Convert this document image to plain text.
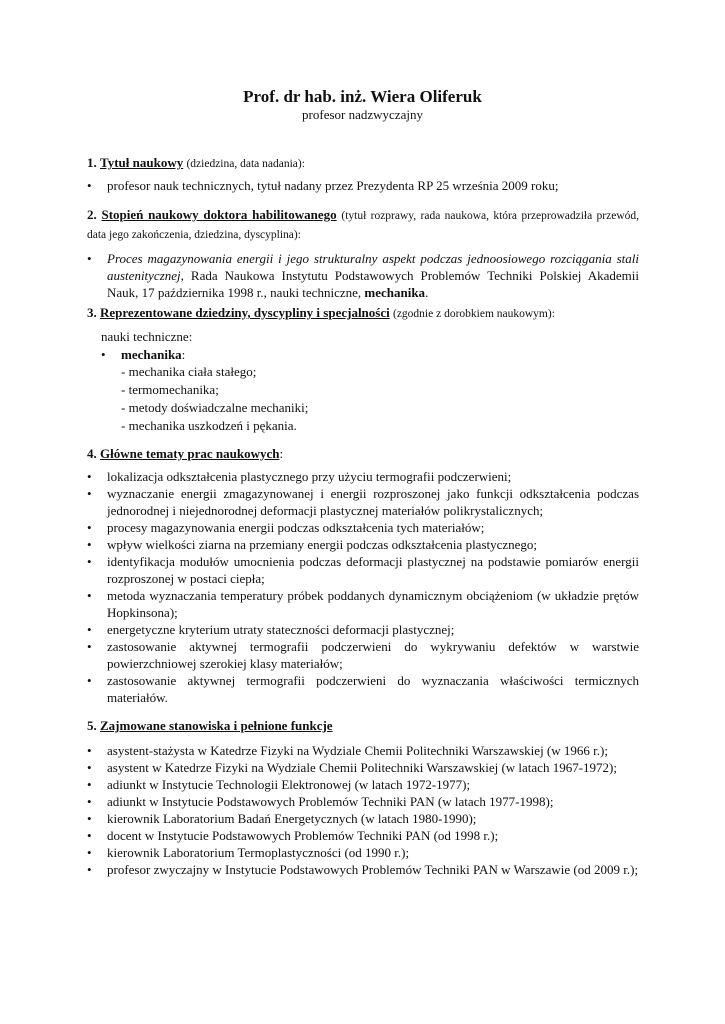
Prof. dr hab. inż. Wiera Oliferuk
profesor nadzwyczajny
1. Tytuł naukowy (dziedzina, data nadania):
•	profesor nauk technicznych, tytuł nadany przez Prezydenta RP 25 września 2009 roku;
2. Stopień naukowy doktora habilitowanego (tytuł rozprawy, rada naukowa, która przeprowadziła przewód, data jego zakończenia, dziedzina, dyscyplina):
•	Proces magazynowania energii i jego strukturalny aspekt podczas jednoosiowego rozciągania stali austenitycznej, Rada Naukowa Instytutu Podstawowych Problemów Techniki Polskiej Akademii Nauk, 17 października 1998 r., nauki techniczne, mechanika.
3. Reprezentowane dziedziny, dyscypliny i specjalności (zgodnie z dorobkiem naukowym):
nauki techniczne:
•	mechanika:
- mechanika ciała stałego;
- termomechanika;
- metody doświadczalne mechaniki;
- mechanika uszkodzeń i pękania.
4. Główne tematy prac naukowych:
•	lokalizacja odkształcenia plastycznego przy użyciu termografii podczerwieni;
•	wyznaczanie energii zmagazynowanej i energii rozproszonej jako funkcji odkształcenia podczas jednorodnej i niejednorodnej deformacji plastycznej materiałów polikrystalicznych;
•	procesy magazynowania energii podczas odkształcenia tych materiałów;
•	wpływ wielkości ziarna na przemiany energii podczas odkształcenia plastycznego;
•	identyfikacja modułów umocnienia podczas deformacji plastycznej na podstawie pomiarów energii rozproszonej w postaci ciepła;
•	metoda wyznaczania temperatury próbek poddanych dynamicznym obciążeniom (w układzie prętów Hopkinsona);
•	energetyczne kryterium utraty stateczności deformacji plastycznej;
•	zastosowanie aktywnej termografii podczerwieni do wykrywaniu defektów w warstwie powierzchniowej szerokiej klasy materiałów;
•	zastosowanie aktywnej termografii podczerwieni do wyznaczania właściwości termicznych materiałów.
5. Zajmowane stanowiska i pełnione funkcje
•	asystent-stażysta w Katedrze Fizyki na Wydziale Chemii Politechniki Warszawskiej (w 1966 r.);
•	asystent w Katedrze Fizyki na Wydziale Chemii Politechniki Warszawskiej (w latach 1967-1972);
•	adiunkt w Instytucie Technologii Elektronowej (w latach 1972-1977);
•	adiunkt w Instytucie Podstawowych Problemów Techniki PAN (w latach 1977-1998);
•	kierownik Laboratorium Badań Energetycznych (w latach 1980-1990);
•	docent w Instytucie Podstawowych Problemów Techniki PAN (od 1998 r.);
•	kierownik Laboratorium Termoplastyczności (od 1990 r.);
•	profesor zwyczajny w Instytucie Podstawowych Problemów Techniki PAN w Warszawie (od 2009 r.);
